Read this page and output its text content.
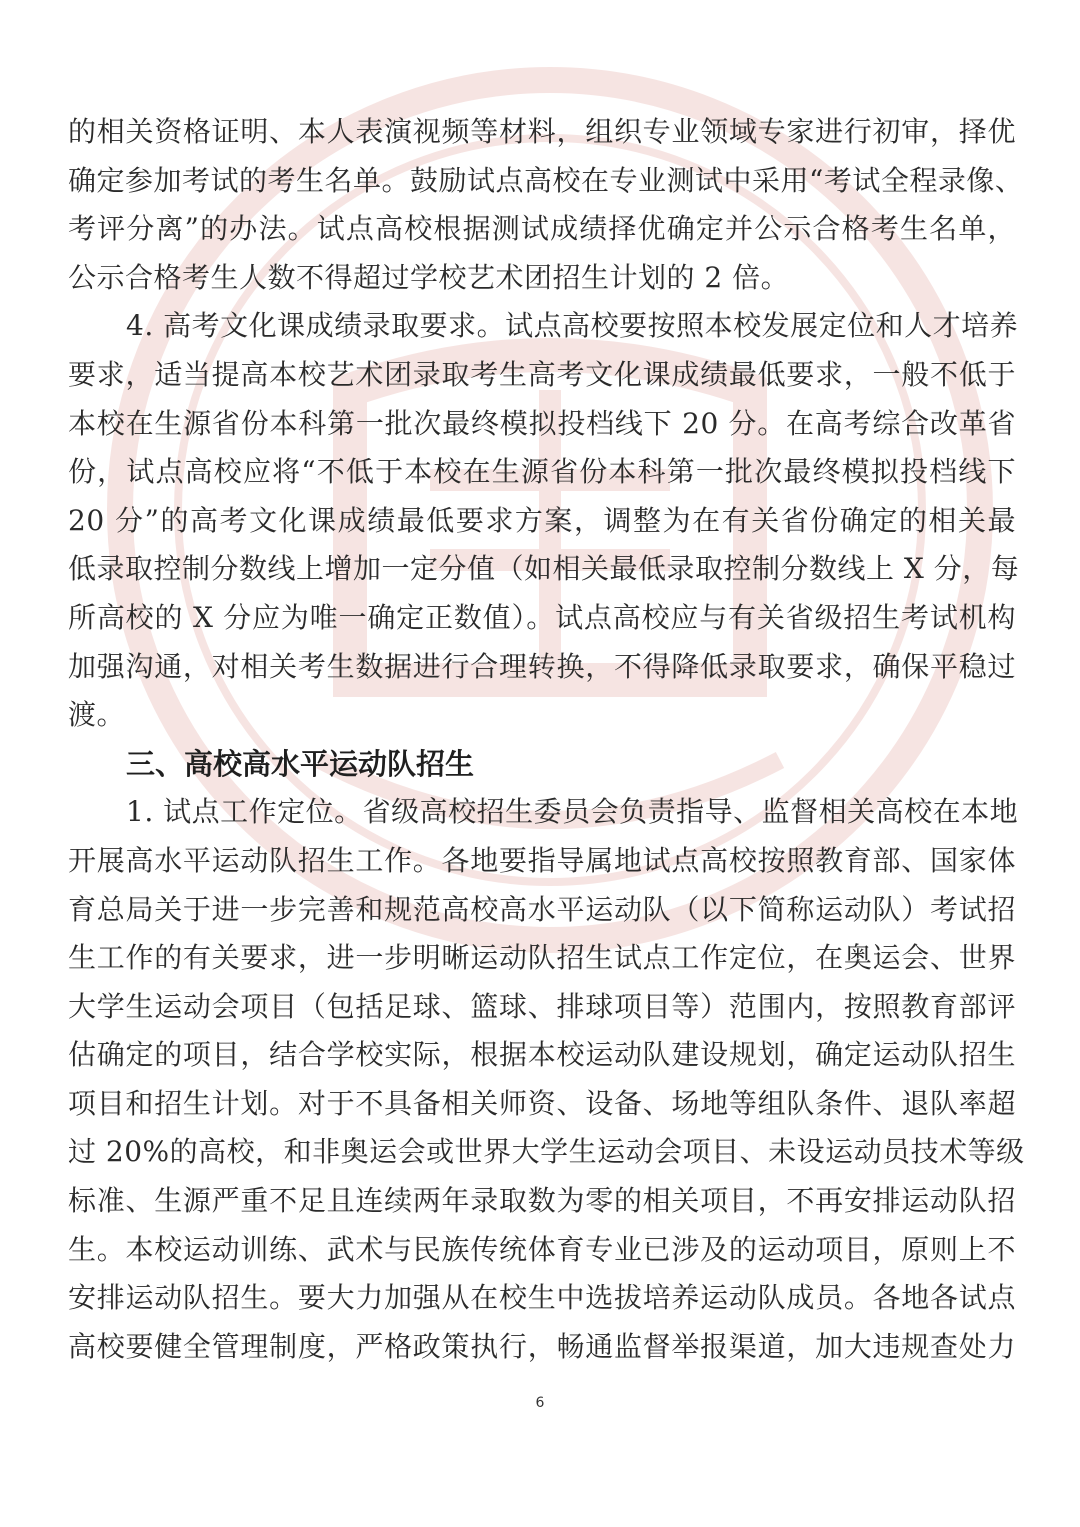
的相关资格证明、本人表演视频等材料，组织专业领域专家进行初审，择优
确定参加考试的考生名单。鼓励试点高校在专业测试中采用“考试全程录像、
考评分离”的办法。试点高校根据测试成绩择优确定并公示合格考生名单，
公示合格考生人数不得超过学校艺术团招生计划的 2 倍。
4. 高考文化课成绩录取要求。试点高校要按照本校发展定位和人才培养
要求，适当提高本校艺术团录取考生高考文化课成绩最低要求，一般不低于
本校在生源省份本科第一批次最终模拟投档线下 20 分。在高考综合改革省
份，试点高校应将“不低于本校在生源省份本科第一批次最终模拟投档线下
20 分”的高考文化课成绩最低要求方案，调整为在有关省份确定的相关最
低录取控制分数线上增加一定分值（如相关最低录取控制分数线上 X 分，每
所高校的 X 分应为唯一确定正数值）。试点高校应与有关省级招生考试机构
加强沟通，对相关考生数据进行合理转换，不得降低录取要求，确保平稳过
渡。
三、高校高水平运动队招生
1. 试点工作定位。省级高校招生委员会负责指导、监督相关高校在本地
开展高水平运动队招生工作。各地要指导属地试点高校按照教育部、国家体
育总局关于进一步完善和规范高校高水平运动队（以下简称运动队）考试招
生工作的有关要求，进一步明晰运动队招生试点工作定位，在奥运会、世界
大学生运动会项目（包括足球、篮球、排球项目等）范围内，按照教育部评
估确定的项目，结合学校实际，根据本校运动队建设规划，确定运动队招生
项目和招生计划。对于不具备相关师资、设备、场地等组队条件、退队率超
过 20%的高校，和非奥运会或世界大学生运动会项目、未设运动员技术等级
标准、生源严重不足且连续两年录取数为零的相关项目，不再安排运动队招
生。本校运动训练、武术与民族传统体育专业已涉及的运动项目，原则上不
安排运动队招生。要大力加强从在校生中选拔培养运动队成员。各地各试点
高校要健全管理制度，严格政策执行，畅通监督举报渠道，加大违规查处力
6
